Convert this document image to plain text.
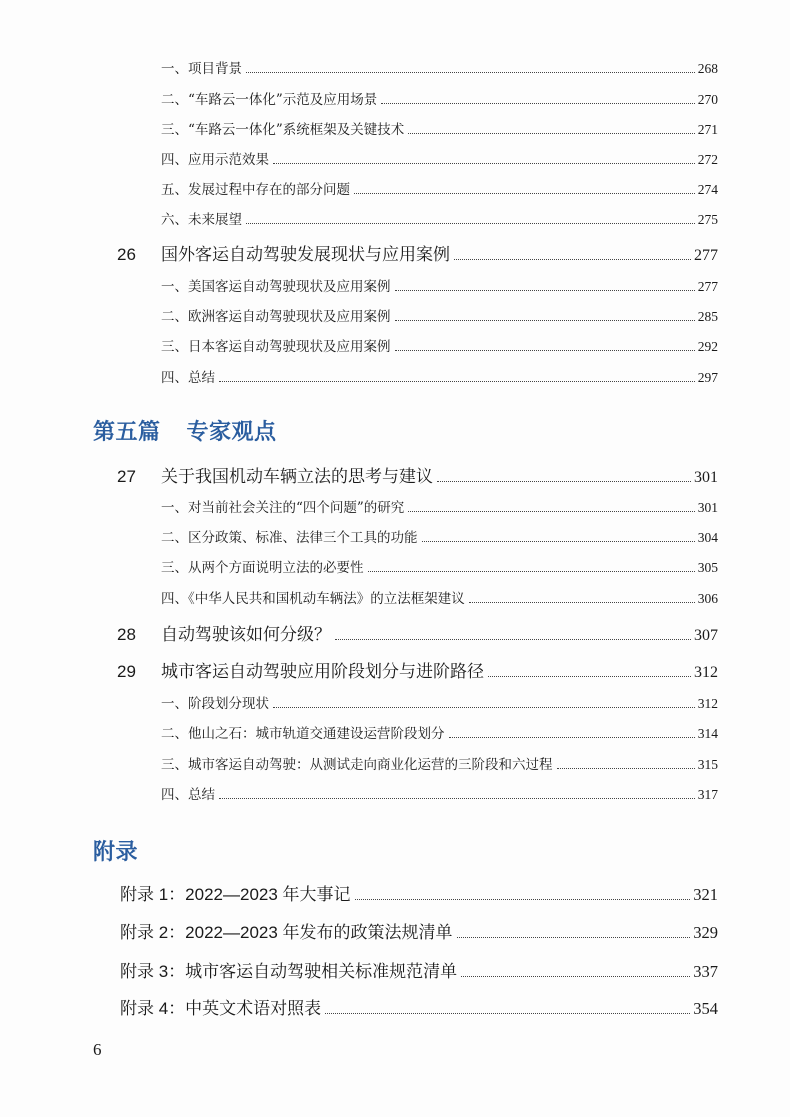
一、项目背景	268
二、“车路云一体化”示范及应用场景	270
三、“车路云一体化”系统框架及关键技术	271
四、应用示范效果	272
五、发展过程中存在的部分问题	274
六、未来展望	275
26	国外客运自动驾驶发展现状与应用案例	277
一、美国客运自动驾驶现状及应用案例	277
二、欧洲客运自动驾驶现状及应用案例	285
三、日本客运自动驾驶现状及应用案例	292
四、总结	297
第五篇 专家观点
27	关于我国机动车辆立法的思考与建议	301
一、对当前社会关注的“四个问题”的研究	301
二、区分政策、标准、法律三个工具的功能	304
三、从两个方面说明立法的必要性	305
四、《中华人民共和国机动车辆法》的立法框架建议	306
28	自动驾驶该如何分级？	307
29	城市客运自动驾驶应用阶段划分与进阶路径	312
一、阶段划分现状	312
二、他山之石：城市轨道交通建设运营阶段划分	314
三、城市客运自动驾驶：从测试走向商业化运营的三阶段和六过程	315
四、总结	317
附录
附录 1：2022—2023 年大事记	321
附录 2：2022—2023 年发布的政策法规清单	329
附录 3：城市客运自动驾驶相关标准规范清单	337
附录 4：中英文术语对照表	354
6
